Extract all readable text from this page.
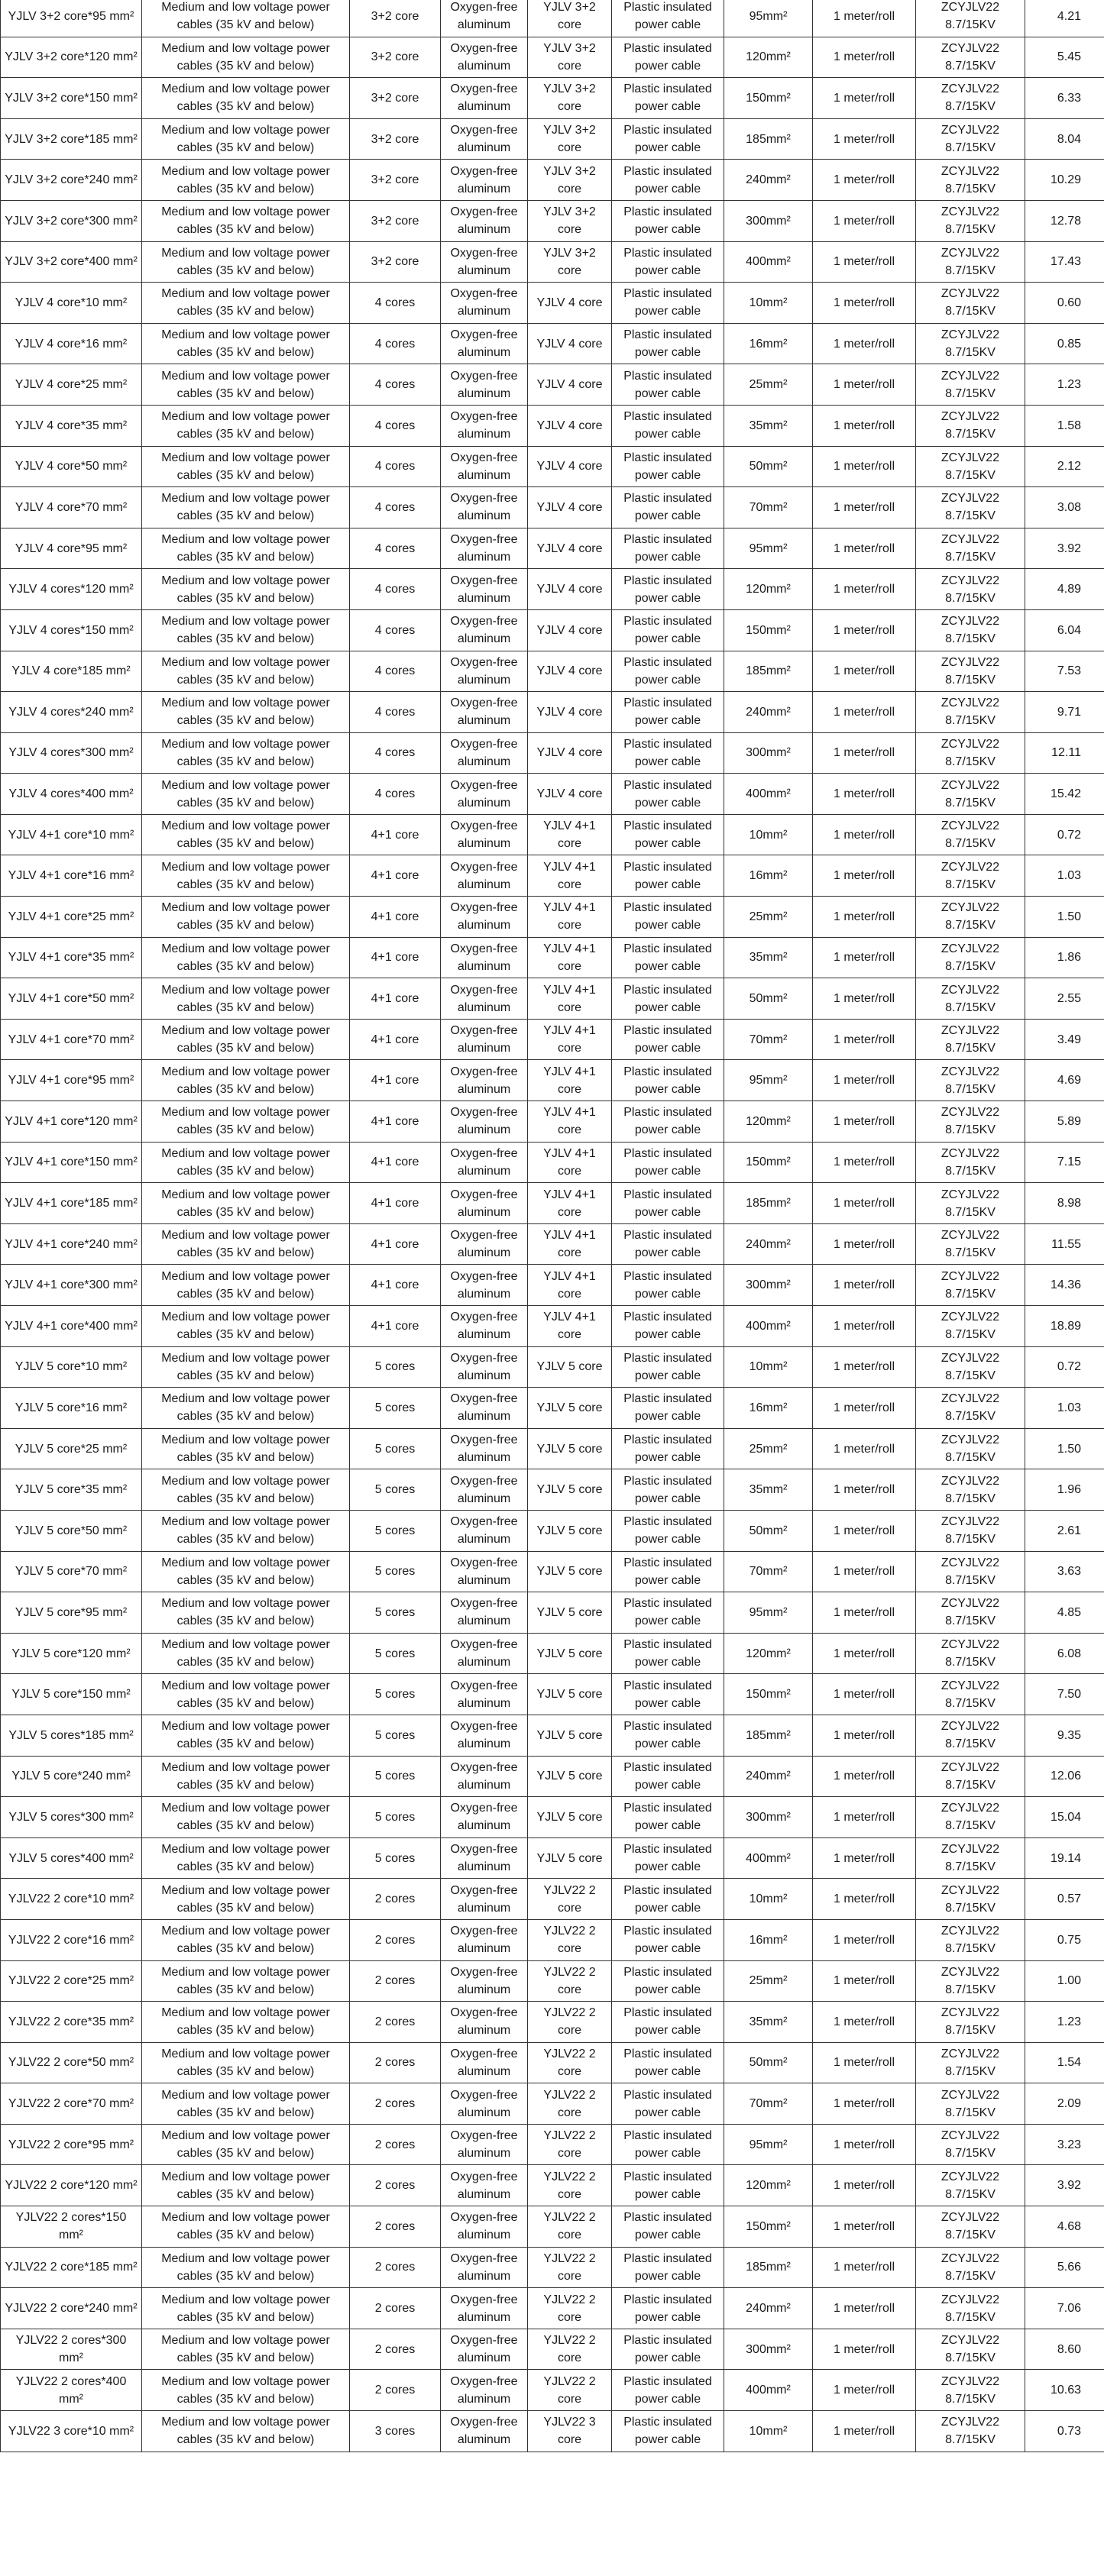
YJLV 3+2 core*95 mm²	Medium and low voltage power cables (35 kV and below)	3+2 core	Oxygen-free aluminum	YJLV 3+2 core	Plastic insulated power cable	95mm²	1 meter/roll	ZCYJLV22 8.7/15KV	4.21
YJLV 3+2 core*120 mm²	Medium and low voltage power cables (35 kV and below)	3+2 core	Oxygen-free aluminum	YJLV 3+2 core	Plastic insulated power cable	120mm²	1 meter/roll	ZCYJLV22 8.7/15KV	5.45
YJLV 3+2 core*150 mm²	Medium and low voltage power cables (35 kV and below)	3+2 core	Oxygen-free aluminum	YJLV 3+2 core	Plastic insulated power cable	150mm²	1 meter/roll	ZCYJLV22 8.7/15KV	6.33
YJLV 3+2 core*185 mm²	Medium and low voltage power cables (35 kV and below)	3+2 core	Oxygen-free aluminum	YJLV 3+2 core	Plastic insulated power cable	185mm²	1 meter/roll	ZCYJLV22 8.7/15KV	8.04
YJLV 3+2 core*240 mm²	Medium and low voltage power cables (35 kV and below)	3+2 core	Oxygen-free aluminum	YJLV 3+2 core	Plastic insulated power cable	240mm²	1 meter/roll	ZCYJLV22 8.7/15KV	10.29
YJLV 3+2 core*300 mm²	Medium and low voltage power cables (35 kV and below)	3+2 core	Oxygen-free aluminum	YJLV 3+2 core	Plastic insulated power cable	300mm²	1 meter/roll	ZCYJLV22 8.7/15KV	12.78
YJLV 3+2 core*400 mm²	Medium and low voltage power cables (35 kV and below)	3+2 core	Oxygen-free aluminum	YJLV 3+2 core	Plastic insulated power cable	400mm²	1 meter/roll	ZCYJLV22 8.7/15KV	17.43
YJLV 4 core*10 mm²	Medium and low voltage power cables (35 kV and below)	4 cores	Oxygen-free aluminum	YJLV 4 core	Plastic insulated power cable	10mm²	1 meter/roll	ZCYJLV22 8.7/15KV	0.60
YJLV 4 core*16 mm²	Medium and low voltage power cables (35 kV and below)	4 cores	Oxygen-free aluminum	YJLV 4 core	Plastic insulated power cable	16mm²	1 meter/roll	ZCYJLV22 8.7/15KV	0.85
YJLV 4 core*25 mm²	Medium and low voltage power cables (35 kV and below)	4 cores	Oxygen-free aluminum	YJLV 4 core	Plastic insulated power cable	25mm²	1 meter/roll	ZCYJLV22 8.7/15KV	1.23
YJLV 4 core*35 mm²	Medium and low voltage power cables (35 kV and below)	4 cores	Oxygen-free aluminum	YJLV 4 core	Plastic insulated power cable	35mm²	1 meter/roll	ZCYJLV22 8.7/15KV	1.58
YJLV 4 core*50 mm²	Medium and low voltage power cables (35 kV and below)	4 cores	Oxygen-free aluminum	YJLV 4 core	Plastic insulated power cable	50mm²	1 meter/roll	ZCYJLV22 8.7/15KV	2.12
YJLV 4 core*70 mm²	Medium and low voltage power cables (35 kV and below)	4 cores	Oxygen-free aluminum	YJLV 4 core	Plastic insulated power cable	70mm²	1 meter/roll	ZCYJLV22 8.7/15KV	3.08
YJLV 4 core*95 mm²	Medium and low voltage power cables (35 kV and below)	4 cores	Oxygen-free aluminum	YJLV 4 core	Plastic insulated power cable	95mm²	1 meter/roll	ZCYJLV22 8.7/15KV	3.92
YJLV 4 cores*120 mm²	Medium and low voltage power cables (35 kV and below)	4 cores	Oxygen-free aluminum	YJLV 4 core	Plastic insulated power cable	120mm²	1 meter/roll	ZCYJLV22 8.7/15KV	4.89
YJLV 4 cores*150 mm²	Medium and low voltage power cables (35 kV and below)	4 cores	Oxygen-free aluminum	YJLV 4 core	Plastic insulated power cable	150mm²	1 meter/roll	ZCYJLV22 8.7/15KV	6.04
YJLV 4 core*185 mm²	Medium and low voltage power cables (35 kV and below)	4 cores	Oxygen-free aluminum	YJLV 4 core	Plastic insulated power cable	185mm²	1 meter/roll	ZCYJLV22 8.7/15KV	7.53
YJLV 4 cores*240 mm²	Medium and low voltage power cables (35 kV and below)	4 cores	Oxygen-free aluminum	YJLV 4 core	Plastic insulated power cable	240mm²	1 meter/roll	ZCYJLV22 8.7/15KV	9.71
YJLV 4 cores*300 mm²	Medium and low voltage power cables (35 kV and below)	4 cores	Oxygen-free aluminum	YJLV 4 core	Plastic insulated power cable	300mm²	1 meter/roll	ZCYJLV22 8.7/15KV	12.11
YJLV 4 cores*400 mm²	Medium and low voltage power cables (35 kV and below)	4 cores	Oxygen-free aluminum	YJLV 4 core	Plastic insulated power cable	400mm²	1 meter/roll	ZCYJLV22 8.7/15KV	15.42
YJLV 4+1 core*10 mm²	Medium and low voltage power cables (35 kV and below)	4+1 core	Oxygen-free aluminum	YJLV 4+1 core	Plastic insulated power cable	10mm²	1 meter/roll	ZCYJLV22 8.7/15KV	0.72
YJLV 4+1 core*16 mm²	Medium and low voltage power cables (35 kV and below)	4+1 core	Oxygen-free aluminum	YJLV 4+1 core	Plastic insulated power cable	16mm²	1 meter/roll	ZCYJLV22 8.7/15KV	1.03
YJLV 4+1 core*25 mm²	Medium and low voltage power cables (35 kV and below)	4+1 core	Oxygen-free aluminum	YJLV 4+1 core	Plastic insulated power cable	25mm²	1 meter/roll	ZCYJLV22 8.7/15KV	1.50
YJLV 4+1 core*35 mm²	Medium and low voltage power cables (35 kV and below)	4+1 core	Oxygen-free aluminum	YJLV 4+1 core	Plastic insulated power cable	35mm²	1 meter/roll	ZCYJLV22 8.7/15KV	1.86
YJLV 4+1 core*50 mm²	Medium and low voltage power cables (35 kV and below)	4+1 core	Oxygen-free aluminum	YJLV 4+1 core	Plastic insulated power cable	50mm²	1 meter/roll	ZCYJLV22 8.7/15KV	2.55
YJLV 4+1 core*70 mm²	Medium and low voltage power cables (35 kV and below)	4+1 core	Oxygen-free aluminum	YJLV 4+1 core	Plastic insulated power cable	70mm²	1 meter/roll	ZCYJLV22 8.7/15KV	3.49
YJLV 4+1 core*95 mm²	Medium and low voltage power cables (35 kV and below)	4+1 core	Oxygen-free aluminum	YJLV 4+1 core	Plastic insulated power cable	95mm²	1 meter/roll	ZCYJLV22 8.7/15KV	4.69
YJLV 4+1 core*120 mm²	Medium and low voltage power cables (35 kV and below)	4+1 core	Oxygen-free aluminum	YJLV 4+1 core	Plastic insulated power cable	120mm²	1 meter/roll	ZCYJLV22 8.7/15KV	5.89
YJLV 4+1 core*150 mm²	Medium and low voltage power cables (35 kV and below)	4+1 core	Oxygen-free aluminum	YJLV 4+1 core	Plastic insulated power cable	150mm²	1 meter/roll	ZCYJLV22 8.7/15KV	7.15
YJLV 4+1 core*185 mm²	Medium and low voltage power cables (35 kV and below)	4+1 core	Oxygen-free aluminum	YJLV 4+1 core	Plastic insulated power cable	185mm²	1 meter/roll	ZCYJLV22 8.7/15KV	8.98
YJLV 4+1 core*240 mm²	Medium and low voltage power cables (35 kV and below)	4+1 core	Oxygen-free aluminum	YJLV 4+1 core	Plastic insulated power cable	240mm²	1 meter/roll	ZCYJLV22 8.7/15KV	11.55
YJLV 4+1 core*300 mm²	Medium and low voltage power cables (35 kV and below)	4+1 core	Oxygen-free aluminum	YJLV 4+1 core	Plastic insulated power cable	300mm²	1 meter/roll	ZCYJLV22 8.7/15KV	14.36
YJLV 4+1 core*400 mm²	Medium and low voltage power cables (35 kV and below)	4+1 core	Oxygen-free aluminum	YJLV 4+1 core	Plastic insulated power cable	400mm²	1 meter/roll	ZCYJLV22 8.7/15KV	18.89
YJLV 5 core*10 mm²	Medium and low voltage power cables (35 kV and below)	5 cores	Oxygen-free aluminum	YJLV 5 core	Plastic insulated power cable	10mm²	1 meter/roll	ZCYJLV22 8.7/15KV	0.72
YJLV 5 core*16 mm²	Medium and low voltage power cables (35 kV and below)	5 cores	Oxygen-free aluminum	YJLV 5 core	Plastic insulated power cable	16mm²	1 meter/roll	ZCYJLV22 8.7/15KV	1.03
YJLV 5 core*25 mm²	Medium and low voltage power cables (35 kV and below)	5 cores	Oxygen-free aluminum	YJLV 5 core	Plastic insulated power cable	25mm²	1 meter/roll	ZCYJLV22 8.7/15KV	1.50
YJLV 5 core*35 mm²	Medium and low voltage power cables (35 kV and below)	5 cores	Oxygen-free aluminum	YJLV 5 core	Plastic insulated power cable	35mm²	1 meter/roll	ZCYJLV22 8.7/15KV	1.96
YJLV 5 core*50 mm²	Medium and low voltage power cables (35 kV and below)	5 cores	Oxygen-free aluminum	YJLV 5 core	Plastic insulated power cable	50mm²	1 meter/roll	ZCYJLV22 8.7/15KV	2.61
YJLV 5 core*70 mm²	Medium and low voltage power cables (35 kV and below)	5 cores	Oxygen-free aluminum	YJLV 5 core	Plastic insulated power cable	70mm²	1 meter/roll	ZCYJLV22 8.7/15KV	3.63
YJLV 5 core*95 mm²	Medium and low voltage power cables (35 kV and below)	5 cores	Oxygen-free aluminum	YJLV 5 core	Plastic insulated power cable	95mm²	1 meter/roll	ZCYJLV22 8.7/15KV	4.85
YJLV 5 core*120 mm²	Medium and low voltage power cables (35 kV and below)	5 cores	Oxygen-free aluminum	YJLV 5 core	Plastic insulated power cable	120mm²	1 meter/roll	ZCYJLV22 8.7/15KV	6.08
YJLV 5 core*150 mm²	Medium and low voltage power cables (35 kV and below)	5 cores	Oxygen-free aluminum	YJLV 5 core	Plastic insulated power cable	150mm²	1 meter/roll	ZCYJLV22 8.7/15KV	7.50
YJLV 5 cores*185 mm²	Medium and low voltage power cables (35 kV and below)	5 cores	Oxygen-free aluminum	YJLV 5 core	Plastic insulated power cable	185mm²	1 meter/roll	ZCYJLV22 8.7/15KV	9.35
YJLV 5 core*240 mm²	Medium and low voltage power cables (35 kV and below)	5 cores	Oxygen-free aluminum	YJLV 5 core	Plastic insulated power cable	240mm²	1 meter/roll	ZCYJLV22 8.7/15KV	12.06
YJLV 5 cores*300 mm²	Medium and low voltage power cables (35 kV and below)	5 cores	Oxygen-free aluminum	YJLV 5 core	Plastic insulated power cable	300mm²	1 meter/roll	ZCYJLV22 8.7/15KV	15.04
YJLV 5 cores*400 mm²	Medium and low voltage power cables (35 kV and below)	5 cores	Oxygen-free aluminum	YJLV 5 core	Plastic insulated power cable	400mm²	1 meter/roll	ZCYJLV22 8.7/15KV	19.14
YJLV22 2 core*10 mm²	Medium and low voltage power cables (35 kV and below)	2 cores	Oxygen-free aluminum	YJLV22 2 core	Plastic insulated power cable	10mm²	1 meter/roll	ZCYJLV22 8.7/15KV	0.57
YJLV22 2 core*16 mm²	Medium and low voltage power cables (35 kV and below)	2 cores	Oxygen-free aluminum	YJLV22 2 core	Plastic insulated power cable	16mm²	1 meter/roll	ZCYJLV22 8.7/15KV	0.75
YJLV22 2 core*25 mm²	Medium and low voltage power cables (35 kV and below)	2 cores	Oxygen-free aluminum	YJLV22 2 core	Plastic insulated power cable	25mm²	1 meter/roll	ZCYJLV22 8.7/15KV	1.00
YJLV22 2 core*35 mm²	Medium and low voltage power cables (35 kV and below)	2 cores	Oxygen-free aluminum	YJLV22 2 core	Plastic insulated power cable	35mm²	1 meter/roll	ZCYJLV22 8.7/15KV	1.23
YJLV22 2 core*50 mm²	Medium and low voltage power cables (35 kV and below)	2 cores	Oxygen-free aluminum	YJLV22 2 core	Plastic insulated power cable	50mm²	1 meter/roll	ZCYJLV22 8.7/15KV	1.54
YJLV22 2 core*70 mm²	Medium and low voltage power cables (35 kV and below)	2 cores	Oxygen-free aluminum	YJLV22 2 core	Plastic insulated power cable	70mm²	1 meter/roll	ZCYJLV22 8.7/15KV	2.09
YJLV22 2 core*95 mm²	Medium and low voltage power cables (35 kV and below)	2 cores	Oxygen-free aluminum	YJLV22 2 core	Plastic insulated power cable	95mm²	1 meter/roll	ZCYJLV22 8.7/15KV	3.23
YJLV22 2 core*120 mm²	Medium and low voltage power cables (35 kV and below)	2 cores	Oxygen-free aluminum	YJLV22 2 core	Plastic insulated power cable	120mm²	1 meter/roll	ZCYJLV22 8.7/15KV	3.92
YJLV22 2 cores*150 mm²	Medium and low voltage power cables (35 kV and below)	2 cores	Oxygen-free aluminum	YJLV22 2 core	Plastic insulated power cable	150mm²	1 meter/roll	ZCYJLV22 8.7/15KV	4.68
YJLV22 2 core*185 mm²	Medium and low voltage power cables (35 kV and below)	2 cores	Oxygen-free aluminum	YJLV22 2 core	Plastic insulated power cable	185mm²	1 meter/roll	ZCYJLV22 8.7/15KV	5.66
YJLV22 2 core*240 mm²	Medium and low voltage power cables (35 kV and below)	2 cores	Oxygen-free aluminum	YJLV22 2 core	Plastic insulated power cable	240mm²	1 meter/roll	ZCYJLV22 8.7/15KV	7.06
YJLV22 2 cores*300 mm²	Medium and low voltage power cables (35 kV and below)	2 cores	Oxygen-free aluminum	YJLV22 2 core	Plastic insulated power cable	300mm²	1 meter/roll	ZCYJLV22 8.7/15KV	8.60
YJLV22 2 cores*400 mm²	Medium and low voltage power cables (35 kV and below)	2 cores	Oxygen-free aluminum	YJLV22 2 core	Plastic insulated power cable	400mm²	1 meter/roll	ZCYJLV22 8.7/15KV	10.63
YJLV22 3 core*10 mm²	Medium and low voltage power cables (35 kV and below)	3 cores	Oxygen-free aluminum	YJLV22 3 core	Plastic insulated power cable	10mm²	1 meter/roll	ZCYJLV22 8.7/15KV	0.73
